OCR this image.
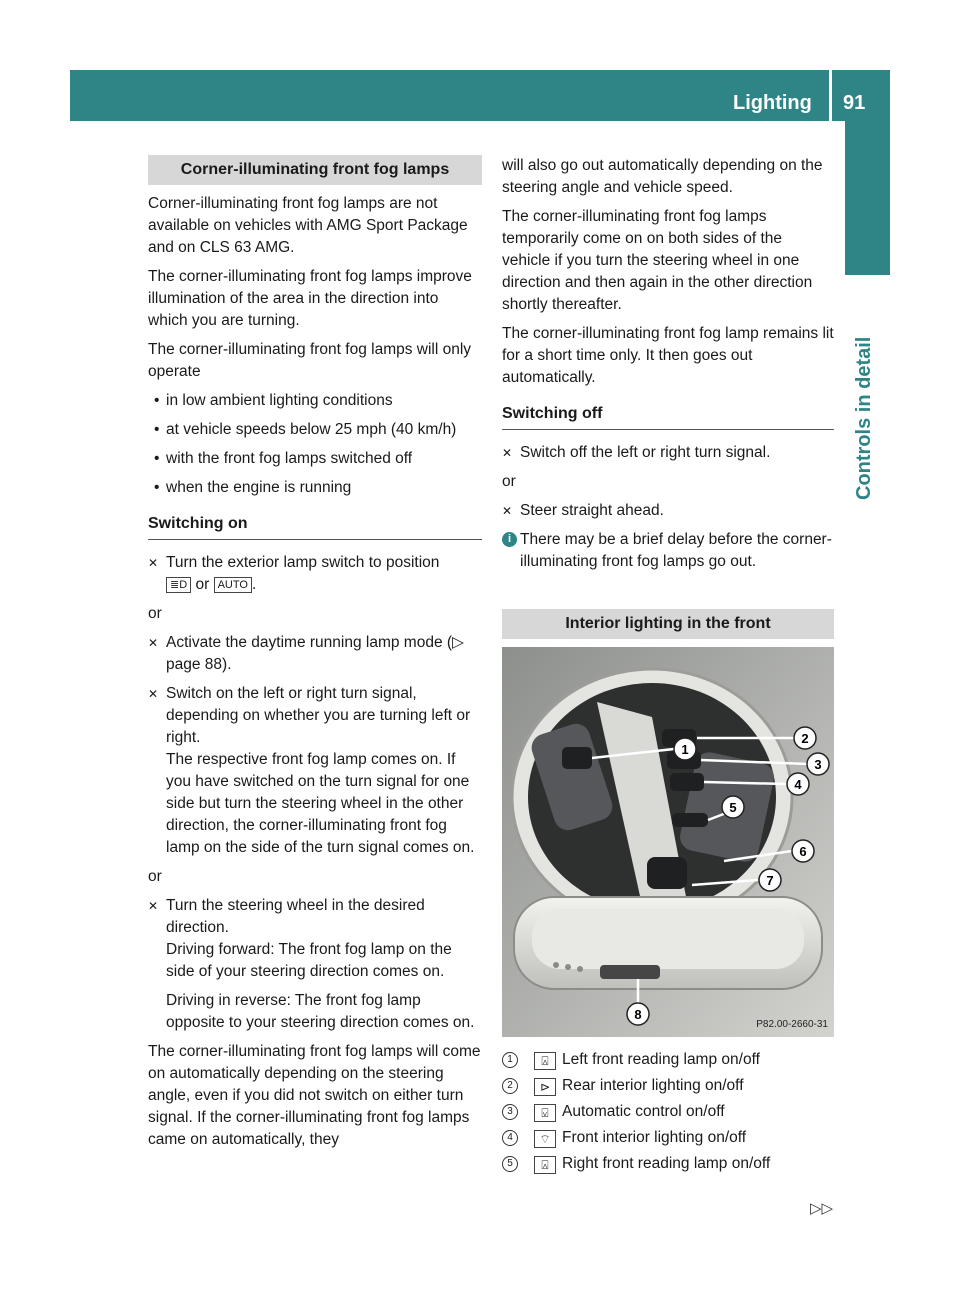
Lighting 91
Controls in detail
Corner-illuminating front fog lamps

Corner-illuminating front fog lamps are not available on vehicles with AMG Sport Package and on CLS 63 AMG.

The corner-illuminating front fog lamps improve illumination of the area in the direction into which you are turning.

The corner-illuminating front fog lamps will only operate

• in low ambient lighting conditions
• at vehicle speeds below 25 mph (40 km/h)
• with the front fog lamps switched off
• when the engine is running
Switching on
✕ Turn the exterior lamp switch to position
≣D or AUTO .

or

✕ Activate the daytime running lamp mode (▷ page 88).
✕ Switch on the left or right turn signal, depending on whether you are turning left or right.
The respective front fog lamp comes on. If you have switched on the turn signal for one side but turn the steering wheel in the other direction, the corner-illuminating front fog lamp on the side of the turn signal comes on.

or

✕ Turn the steering wheel in the desired direction.
Driving forward: The front fog lamp on the side of your steering direction comes on.
Driving in reverse: The front fog lamp opposite to your steering direction comes on.

The corner-illuminating front fog lamps will come on automatically depending on the steering angle, even if you did not switch on either turn signal. If the corner-illuminating front fog lamps came on automatically, they

will also go out automatically depending on the steering angle and vehicle speed.

The corner-illuminating front fog lamps temporarily come on on both sides of the vehicle if you turn the steering wheel in one direction and then again in the other direction shortly thereafter.

The corner-illuminating front fog lamp remains lit for a short time only. It then goes out automatically.

Switching off
✕ Switch off the left or right turn signal.

or

✕ Steer straight ahead.
i There may be a brief delay before the corner-illuminating front fog lamps go out.
Interior lighting in the front
1
2
3
4
5
6
7
8
P82.00-2660-31
1	⍓ Left front reading lamp on/off
2	⊳ Rear interior lighting on/off
3	⍌ Automatic control on/off
4	⌔ Front interior lighting on/off
5	⍓ Right front reading lamp on/off
▷▷
